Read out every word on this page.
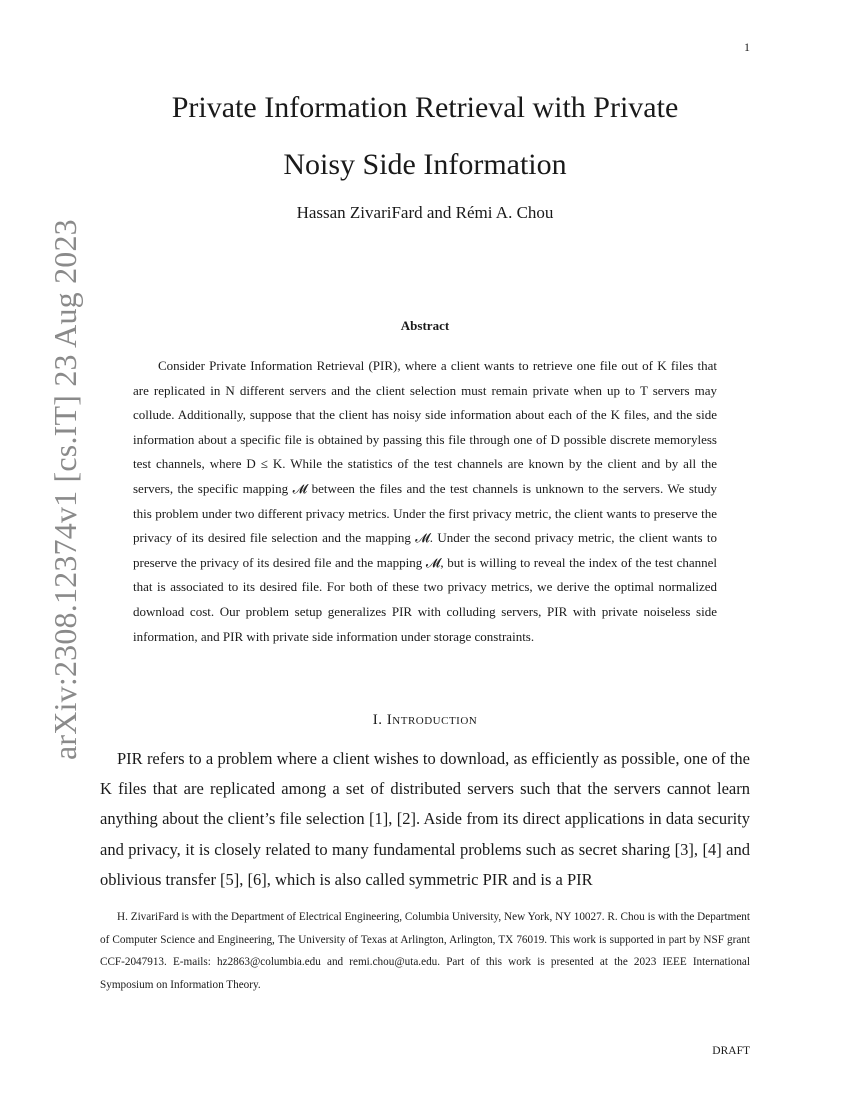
1
arXiv:2308.12374v1 [cs.IT] 23 Aug 2023
Private Information Retrieval with Private
Noisy Side Information

Hassan ZivariFard and Rémi A. Chou

Abstract

Consider Private Information Retrieval (PIR), where a client wants to retrieve one file out of K files that are replicated in N different servers and the client selection must remain private when up to T servers may collude. Additionally, suppose that the client has noisy side information about each of the K files, and the side information about a specific file is obtained by passing this file through one of D possible discrete memoryless test channels, where D ≤ K. While the statistics of the test channels are known by the client and by all the servers, the specific mapping 𝓜 between the files and the test channels is unknown to the servers. We study this problem under two different privacy metrics. Under the first privacy metric, the client wants to preserve the privacy of its desired file selection and the mapping 𝓜. Under the second privacy metric, the client wants to preserve the privacy of its desired file and the mapping 𝓜, but is willing to reveal the index of the test channel that is associated to its desired file. For both of these two privacy metrics, we derive the optimal normalized download cost. Our problem setup generalizes PIR with colluding servers, PIR with private noiseless side information, and PIR with private side information under storage constraints.

I. Introduction

PIR refers to a problem where a client wishes to download, as efficiently as possible, one of the K files that are replicated among a set of distributed servers such that the servers cannot learn anything about the client’s file selection [1], [2]. Aside from its direct applications in data security and privacy, it is closely related to many fundamental problems such as secret sharing [3], [4] and oblivious transfer [5], [6], which is also called symmetric PIR and is a PIR

H. ZivariFard is with the Department of Electrical Engineering, Columbia University, New York, NY 10027. R. Chou is with the Department of Computer Science and Engineering, The University of Texas at Arlington, Arlington, TX 76019. This work is supported in part by NSF grant CCF-2047913. E-mails: hz2863@columbia.edu and remi.chou@uta.edu. Part of this work is presented at the 2023 IEEE International Symposium on Information Theory.

DRAFT
